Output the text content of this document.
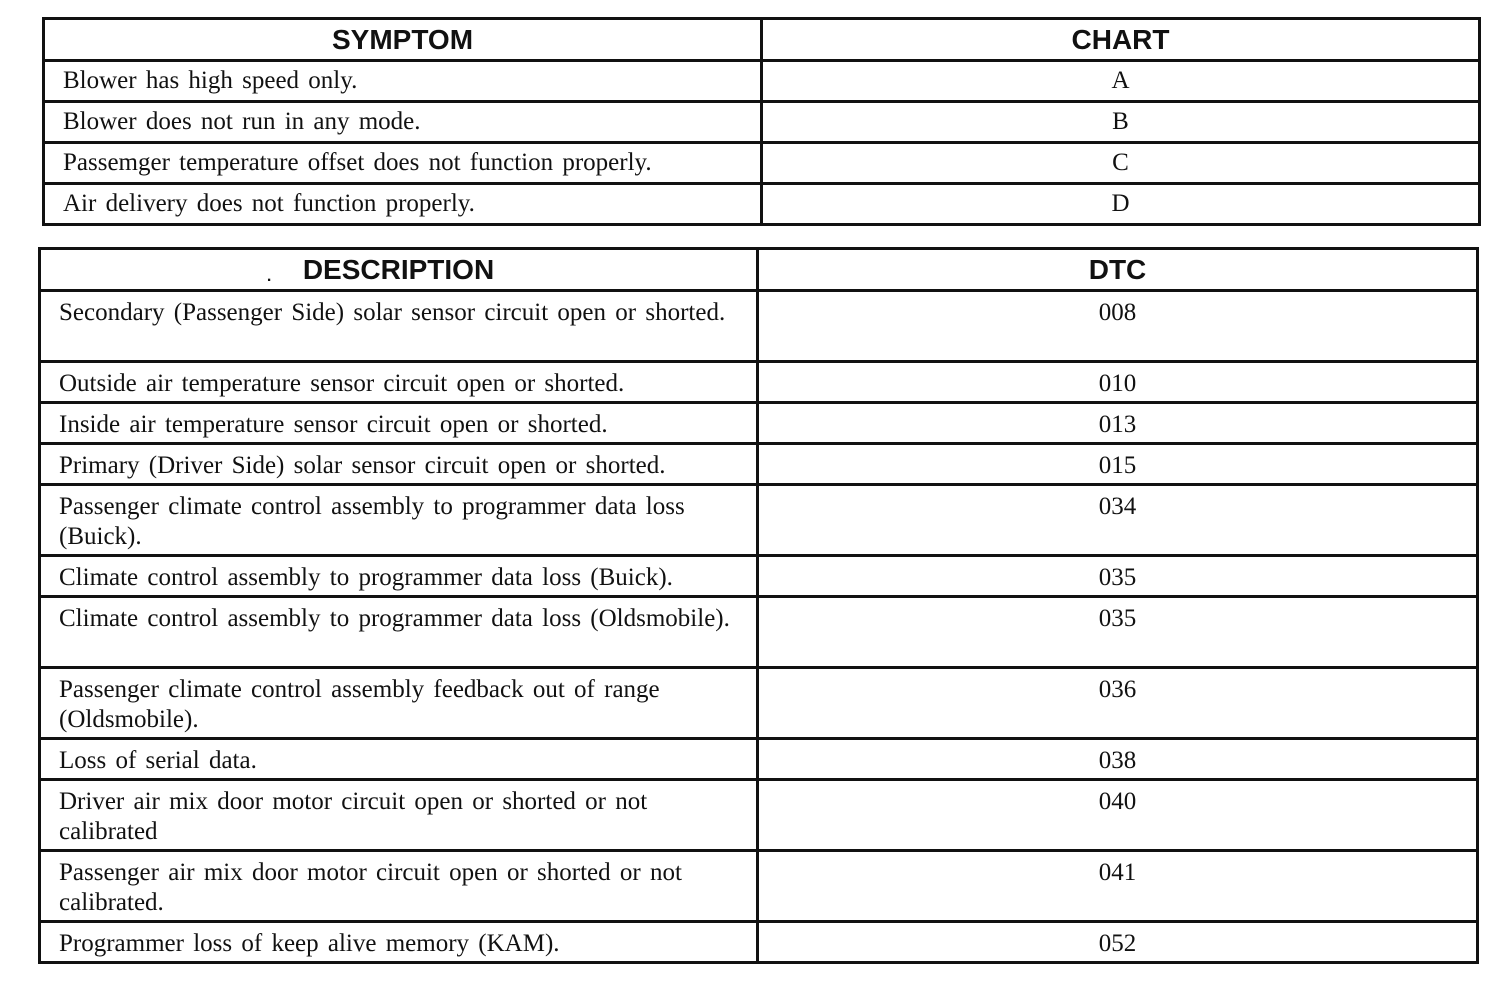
SYMPTOM	CHART
Blower has high speed only.	A
Blower does not run in any mode.	B
Passemger temperature offset does not function properly.	C
Air delivery does not function properly.	D
· DESCRIPTION	DTC
Secondary (Passenger Side) solar sensor circuit open or shorted.	008
Outside air temperature sensor circuit open or shorted.	010
Inside air temperature sensor circuit open or shorted.	013
Primary (Driver Side) solar sensor circuit open or shorted.	015
Passenger climate control assembly to programmer data loss (Buick).	034
Climate control assembly to programmer data loss (Buick).	035
Climate control assembly to programmer data loss (Oldsmobile).	035
Passenger climate control assembly feedback out of range (Oldsmobile).	036
Loss of serial data.	038
Driver air mix door motor circuit open or shorted or not calibrated	040
Passenger air mix door motor circuit open or shorted or not calibrated.	041
Programmer loss of keep alive memory (KAM).	052
